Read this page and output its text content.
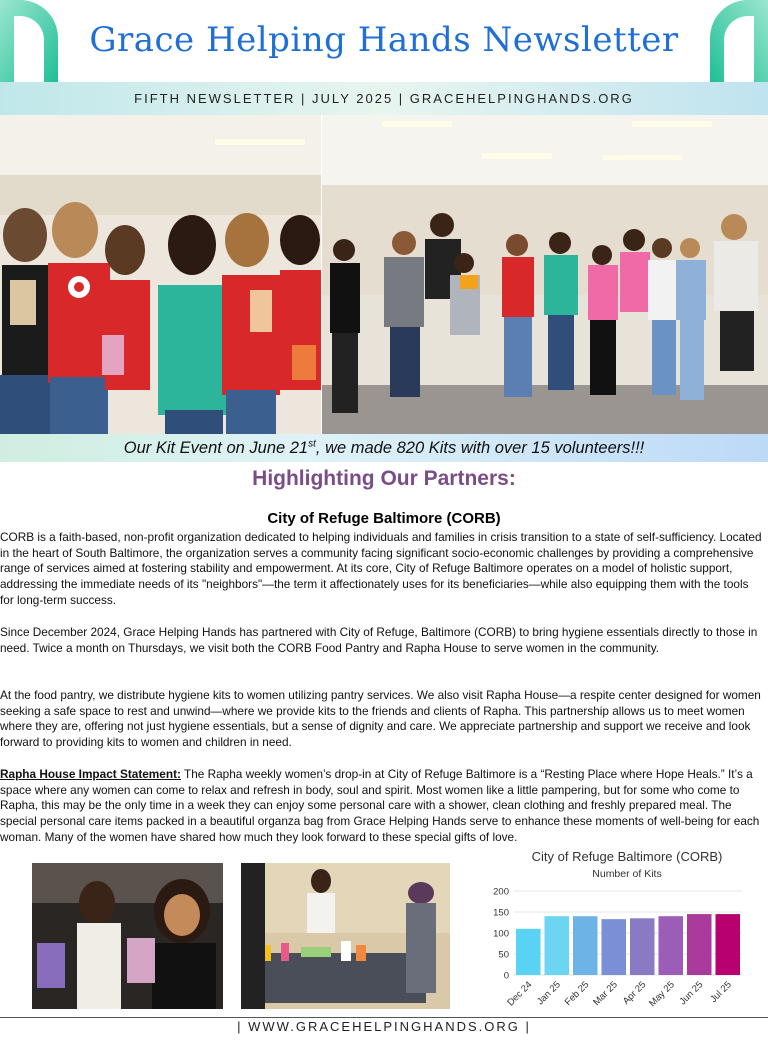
Grace Helping Hands Newsletter
FIFTH NEWSLETTER | JULY 2025 | GRACEHELPINGHANDS.ORG
Our Kit Event on June 21st, we made 820 Kits with over 15 volunteers!!!
Highlighting Our Partners:
City of Refuge Baltimore (CORB)

CORB is a faith-based, non-profit organization dedicated to helping individuals and families in crisis transition to a state of self-sufficiency. Located in the heart of South Baltimore, the organization serves a community facing significant socio-economic challenges by providing a comprehensive range of services aimed at fostering stability and empowerment. At its core, City of Refuge Baltimore operates on a model of holistic support, addressing the immediate needs of its "neighbors"—the term it affectionately uses for its beneficiaries—while also equipping them with the tools for long-term success.

Since December 2024, Grace Helping Hands has partnered with City of Refuge, Baltimore (CORB) to bring hygiene essentials directly to those in need. Twice a month on Thursdays, we visit both the CORB Food Pantry and Rapha House to serve women in the community.

At the food pantry, we distribute hygiene kits to women utilizing pantry services. We also visit Rapha House—a respite center designed for women seeking a safe space to rest and unwind—where we provide kits to the friends and clients of Rapha. This partnership allows us to meet women where they are, offering not just hygiene essentials, but a sense of dignity and care. We appreciate partnership and support we receive and look forward to providing kits to women and children in need.

Rapha House Impact Statement: The Rapha weekly women’s drop-in at City of Refuge Baltimore is a “Resting Place where Hope Heals.” It’s a space where any women can come to relax and refresh in body, soul and spirit. Most women like a little pampering, but for some who come to Rapha, this may be the only time in a week they can enjoy some personal care with a shower, clean clothing and freshly prepared meal. The special personal care items packed in a beautiful organza bag from Grace Helping Hands serve to enhance these moments of well-being for each woman. Many of the women have shared how much they look forward to these special gifts of love.

City of Refuge Baltimore (CORB)
Number of Kits
0
50
100
150
200
Dec 24 Jan 25 Feb 25 Mar 25 Apr 25
May 25 Jun 25 Jul 25
| WWW.GRACEHELPINGHANDS.ORG |
